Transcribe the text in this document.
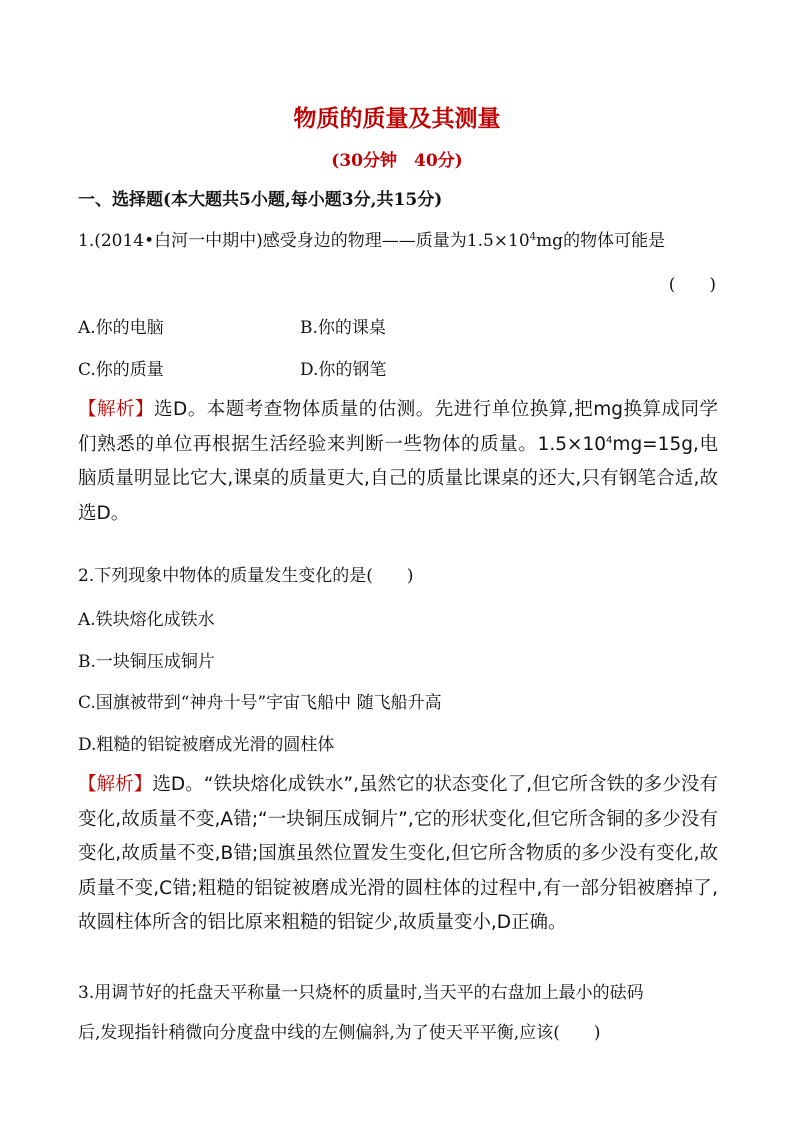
物质的质量及其测量
(30分钟　40分)
一、选择题(本大题共5小题,每小题3分,共15分)
1.(2014•白河一中期中)感受身边的物理——质量为$1.5\times 10^4mg$的物体可能是
(　　)
A.你的电脑	B.你的课桌
C.你的质量	D.你的钢笔
【解析】选D。本题考查物体质量的估测。先进行单位换算,把mg换算成同学们熟悉的单位再根据生活经验来判断一些物体的质量。$1.5\times 10^4mg=15g$,电脑质量明显比它大,课桌的质量更大,自己的质量比课桌的还大,只有钢笔合适,故选D。
2.下列现象中物体的质量发生变化的是(　　)
A.铁块熔化成铁水
B.一块铜压成铜片
C.国旗被带到“神舟十号”宇宙飞船中 随飞船升高
D.粗糙的铝锭被磨成光滑的圆柱体
【解析】选D。“铁块熔化成铁水”,虽然它的状态变化了,但它所含铁的多少没有变化,故质量不变,A错;“一块铜压成铜片”,它的形状变化,但它所含铜的多少没有变化,故质量不变,B错;国旗虽然位置发生变化,但它所含物质的多少没有变化,故质量不变,C错;粗糙的铝锭被磨成光滑的圆柱体的过程中,有一部分铝被磨掉了,故圆柱体所含的铝比原来粗糙的铝锭少,故质量变小,D正确。
3.用调节好的托盘天平称量一只烧杯的质量时,当天平的右盘加上最小的砝码
后,发现指针稍微向分度盘中线的左侧偏斜,为了使天平平衡,应该(　　)
